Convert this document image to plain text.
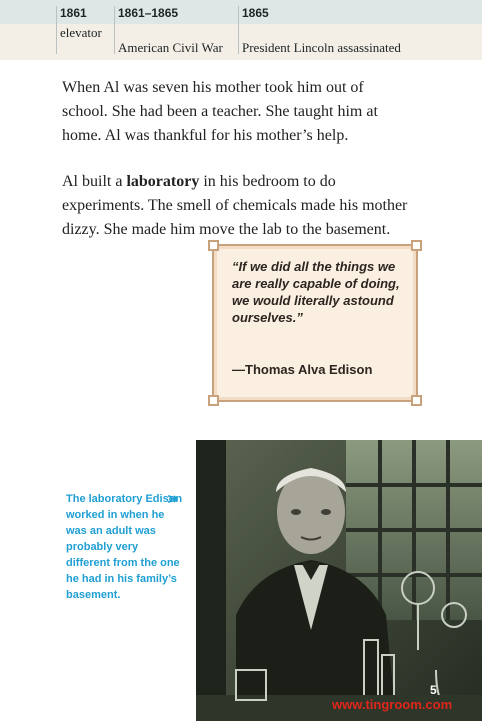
1861
elevator
1861–1865
American Civil War
1865
President Lincoln assassinated

When Al was seven his mother took him out of school. She had been a teacher. She taught him at home. Al was thankful for his mother’s help.

Al built a laboratory in his bedroom to do experiments. The smell of chemicals made his mother dizzy. She made him move the lab to the basement.

“If we did all the things we are really capable of doing, we would literally astound ourselves.”
—Thomas Alva Edison
The laboratory Edison worked in when he was an adult was probably very different from the one he had in his family’s basement.
5
www.tingroom.com
